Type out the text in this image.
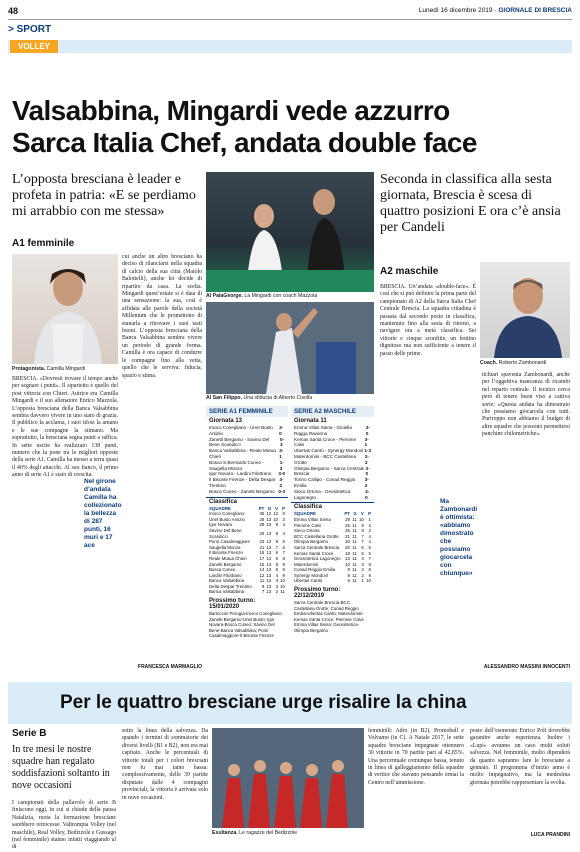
48	Lunedì 16 dicembre 2019 · GIORNALE DI BRESCIA
> SPORT
VOLLEY
Valsabbina, Mingardi vede azzurro
Sarca Italia Chef, andata double face
L’opposta bresciana è leader e profeta in patria: «E se perdiamo mi arrabbio con me stessa»
A1 femminile
Protagonista. Camilla Mingardi
BRESCIA. «Dovresti trovare il tempo anche per segnare i punti». Il siparietto è quello del post vittoria con Chieri. Autrice era Camilla Mingardi e il suo allenatore Enrico Mazzola. L’opposta bresciana della Banca Valsabbina sembra davvero vivere in uno stato di grazia. Il pubblico la acclama, i suoi tifosi la amano e le sue compagne la stimano. Ma soprattutto, la bresciana segna punti a raffica. In sette uscite ha realizzato 138 punti, numero che la pone tra le migliori opposte della serie A1. Camilla ha messo a terra quasi il 40% degli attacchi. Al suo fianco, il primo anno di serie A1 è stato di crescita.
Nel girone d’andata Camilla ha collezionato la bellezza di 287 punti, 16 muri e 17 ace
cui anche un altro bresciano ha deciso di rilanciarsi nella squadra di calcio della sua città (Maiolo Balottelli), anche lei decide di ripartire da casa. La scelta. Mingardi quest’estate si è data di una sensazione: la sua, cosi è affidata alle parole della società Millenium che le promettono di stanarla a ritrovare i suoi tasti buoni. L’opposta bresciana della Banca Valsabbina sembra vivere un periodo di grande forma. Camilla è ora capace di condurre le compagne fino alla vetta, quello che le serviva: fiducia, spazio e stima.
FRANCESCA MARMAGLIO
Al PalaGeorge. La Mingardi con coach Mazzola
Al San Filippo. Una sfiducia di Alberto Cisolla
SERIE A1 FEMMINILE
Giornata 13
Imoco Conegliano - Unet Busto Arsizio
3-0
Zanetti Bergamo - Savino Del Bene Scandicci
0-3
Banca Valsabbina - Reale Mutua Chieri
3-1
Bosca S.Bernardo Cuneo - Saugella Monza
1-3
Igor Novara - Lardini Filottrano 3-0
Il Bisonte Firenze - Delta Despar Trentino
3-2
Bosca Cuneo - Zanetti Bergamo 0-3
Classifica
SQUADRE	PT	G	V	P
Imoco Conegliano	36	12	12	0
Unet Busto Arsizio	28	13	10	3
Igor Novara	28	13	9	4
Savino Del Bene Scandicci	25	13	9	4
Pomì Casalmaggiore	23	13	8	5
Saugella Monza	21	13	7	6
Il Bisonte Firenze	18	13	6	7
Reale Mutua Chieri	17	13	5	8
Zanetti Bergamo	15	13	5	8
Bosca Cuneo	14	13	5	8
Lardini Filottrano	12	13	4	9
Banca Valsabbina	11	13	3	10
Delta Despar Trentino	9	13	3	10
Banca Valsabbina	7	13	2	11
Prossimo turno: 15/01/2020
Bartoccini Perugia-Imoco Conegliano; Zanetti Bergamo-Unet Busto; Igor Novara-Bosca Cuneo; Savino Del Bene-Banca Valsabbina; Pomì Casalmaggiore-Il Bisonte Firenze
SERIE A2 MASCHILE
Giornata 11
Emma Villas Siena - Gioiella Ragga Ravenna
3-0
Kemas Santa Croce - Piemme Calvi
3-1
Ubertas Cantù - Synergy Mondovì 1-3
Materdomini - BCC Castellana Grotte
2-3
Olimpia Bergamo - Sarca Centrale Brescia
3-0
Tonno Callipo - Conad Reggio Emilia
3-2
Sieco Ortona - Geosintetica Lagonegro
3-0
Classifica
SQUADRE	PT	G	V	P
Emma Villas Siena	29	11	10	1
Piemme Calvi	26	11	9	2
Sieco Ortona	25	11	9	2
BCC Castellana Grotte	21	11	7	4
Olimpia Bergamo	20	11	7	4
Sarca Centrale Brescia	20	11	6	5
Kemas Santa Croce	18	11	6	5
Geosintetica Lagonegro	13	11	4	7
Materdomini	10	11	3	8
Conad Reggio Emilia	9	11	3	8
Synergy Mondovì	8	11	2	9
Ubertas Cantù	6	11	1	10
Prossimo turno: 22/12/2019
Sarca Centrale Brescia-BCC Castellana Grotte; Conad Reggio Emilia-Ubertas Cantù; Materdomini-Kemas Santa Croce; Piemme Calvi-Emma Villas Siena; Geosintetica-Olimpia Bergamo
Seconda in classifica alla sesta giornata, Brescia è scesa di quattro posizioni E ora c’è ansia per Candeli
A2 maschile
BRESCIA. Un’andata «double-face». È così che si può definire la prima parte del campionato di A2 della Sarca Italia Chef Centrale Brescia. La squadra cittadina è passata dal secondo posto in classifica, mantenuto fino alla sesta di ritorno, a navigare ora a metà classifica. Sei vittorie e cinque sconfitte, un bottino dignitoso ma non sufficiente a tenere il passo delle prime.
Coach. Roberto Zambonardi
Ma Zambonardi è ottimista: «abbiamo dimostrato che possiamo giocarcela con chiunque»
tichiari spaventa Zambonardi, anche per l’oggettiva mancanza di ricambi nel reparto centrale. Il tecnico cerca però di tenere buon viso a cattiva sorte: «Questa andata ha dimostrato che possiamo giocarcela con tutti. Purtroppo non abbiamo il budget di altre squadre che possono permettersi panchine chilometriche».
ALESSANDRO MASSINI INNOCENTI
Per le quattro bresciane urge risalire la china
Serie B
In tre mesi le nostre squadre han regalato soddisfazioni soltanto in nove occasioni
I campionati della pallavolo di serie B finiscono oggi, in cui si chiude della pausa Natalizia, ruota la formazione bresciane sarebbero retrocesse. Valtrompia Volley (nel maschile), Real Volley, Bedizzole e Gussago (nel femminile) stanno infatti viaggiando al di
sotto la linea della salvezza. Da quando i termini di sommatorie dei diversi livelli (B1 e B2), non era mai capitato. Anche le percentuali di vittorie totali per i colori bresciani non fu mai tanto bassa: complessivamente, delle 39 partite disputate dalle 4 compagini provinciali, la vittoria è arrivata solo in nove occasioni.
Esultanza. Le ragazze del Bedizzole
femminili: Adro (in B2), Promoball e Volvamo (in C). A Natale 2017, le sette squadre bresciane impegnate ottennero 30 vittorie in 70 partite pari al 42,85%. Una percentuale comunque bassa, tenuto in linea di galleggiamento della squadre di vertice che stavano pensando ormai la Centro nell’ammissione.
posto dell’esonerato Enrico Poli dovrebbe garantire anche esperienza. Inoltre i «Lupi» avranno un caso molti soluti salvezza. Nel femminile, molto dipenderà da quanto sapranno fare le bresciane a gennaio. Il programma d’inizio anno è molto impegnativo, ma la medesima giornata potrebbe rappresentare la svolta.
LUCA PRANDINI
